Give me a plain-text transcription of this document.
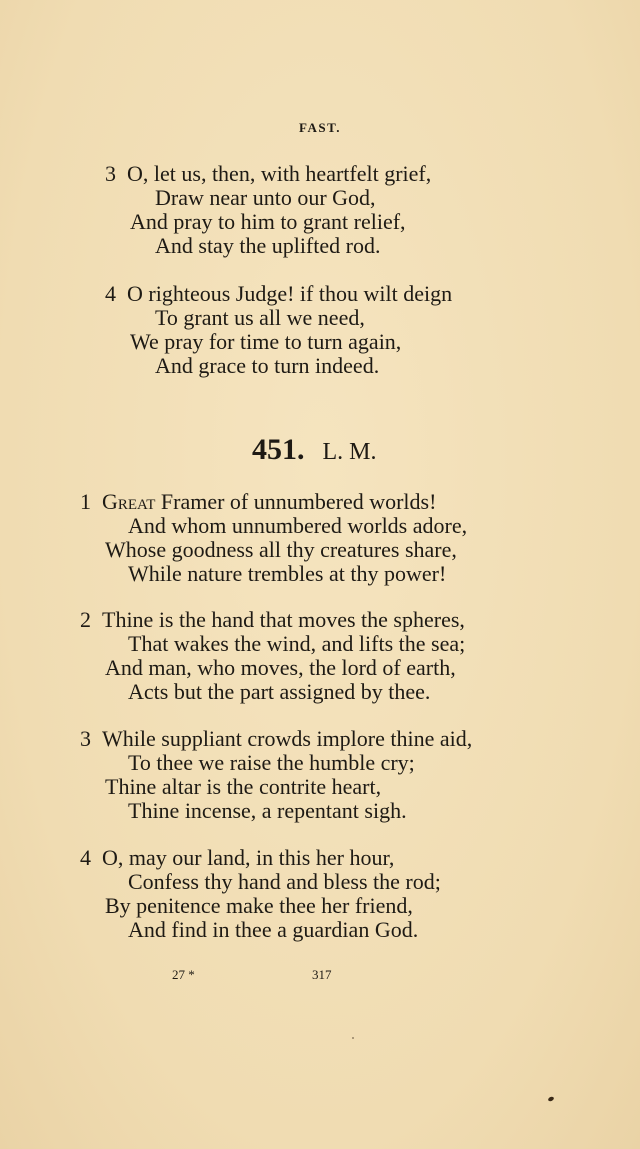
FAST.
3 O, let us, then, with heartfelt grief,
Draw near unto our God,
And pray to him to grant relief,
And stay the uplifted rod.
4 O righteous Judge! if thou wilt deign
To grant us all we need,
We pray for time to turn again,
And grace to turn indeed.
451. L. M.
1 Great Framer of unnumbered worlds!
And whom unnumbered worlds adore,
Whose goodness all thy creatures share,
While nature trembles at thy power!
2 Thine is the hand that moves the spheres,
That wakes the wind, and lifts the sea;
And man, who moves, the lord of earth,
Acts but the part assigned by thee.
3 While suppliant crowds implore thine aid,
To thee we raise the humble cry;
Thine altar is the contrite heart,
Thine incense, a repentant sigh.
4 O, may our land, in this her hour,
Confess thy hand and bless the rod;
By penitence make thee her friend,
And find in thee a guardian God.
27 *	317
